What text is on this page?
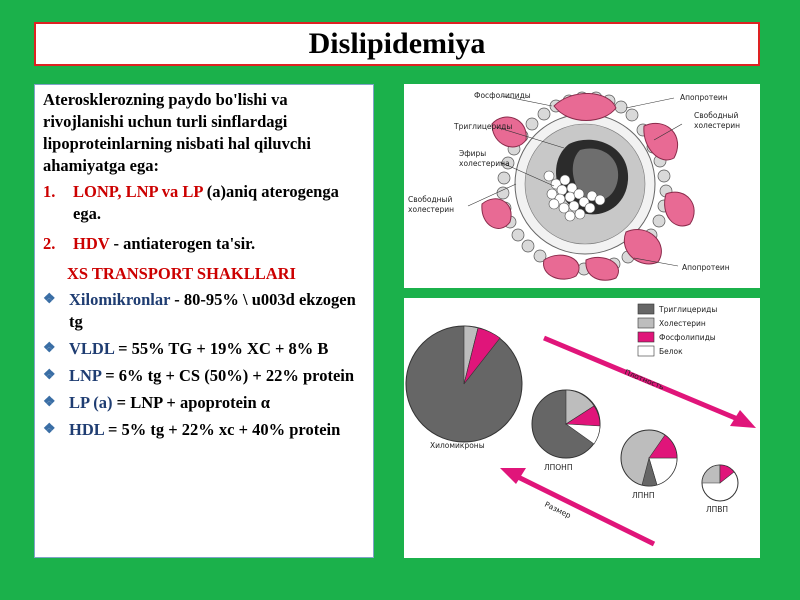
Dislipidemiya

Aterosklerozning paydo bo'lishi va rivojlanishi uchun turli sinflardagi lipoproteinlarning nisbati hal qiluvchi ahamiyatga ega:

1.	LONP, LNP va LP (a)aniq aterogenga ega.
2.	HDV - antiaterogen ta'sir.
XS TRANSPORT SHAKLLARI
❖ Xilomikronlar - 80-95% \ u003d ekzogen tg
❖ VLDL = 55% TG + 19% XC + 8% B
❖ LNP = 6% tg + CS (50%) + 22% protein
❖ LP (a) = LNP + apoprotein α
❖ HDL = 5% tg + 22% xc + 40% protein
Фосфолипиды	Апопротеин
Триглицериды
Свободный
холестерин
Эфиры
холестерина
Свободный
холестерин
Апопротеин
Триглицериды
Холестерин
Фосфолипиды
Белок
Плотность
Размер
Хиломикроны
ЛПОНП
ЛПНП
ЛПВП
